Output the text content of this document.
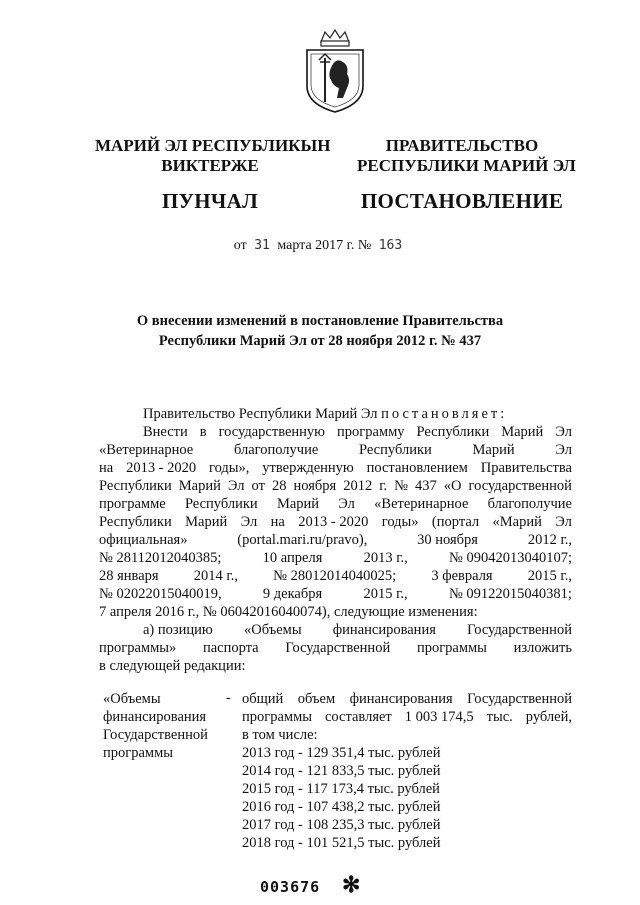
МАРИЙ ЭЛ РЕСПУБЛИКЫН
ВИКТЕРЖЕ
ПУНЧАЛ
ПРАВИТЕЛЬСТВО
РЕСПУБЛИКИ МАРИЙ ЭЛ
ПОСТАНОВЛЕНИЕ
от 31 марта 2017 г. № 163
О внесении изменений в постановление Правительства
Республики Марий Эл от 28 ноября 2012 г. № 437
Правительство Республики Марий Эл постановляет:
Внести в государственную программу Республики Марий Эл
«Ветеринарное	благополучие	Республики	Марий	Эл
на 2013 - 2020 годы», утвержденную постановлением Правительства
Республики Марий Эл от 28 ноября 2012 г. № 437 «О государственной
программе Республики Марий Эл «Ветеринарное благополучие
Республики Марий Эл на 2013 - 2020 годы» (портал «Марий Эл
официальная»	(portal.mari.ru/pravo),	30 ноября	2012 г.,
№ 28112012040385;	10 апреля	2013 г.,	№ 09042013040107;
28 января 2014 г., № 28012014040025; 3 февраля 2015 г.,
№ 02022015040019,	9 декабря	2015 г.,	№ 09122015040381;
7 апреля 2016 г., № 06042016040074), следующие изменения:
а) позицию «Объемы финансирования Государственной
программы» паспорта Государственной программы изложить
в следующей редакции:
«Объемы
финансирования
Государственной
программы
- общий объем финансирования Государственной
программы составляет 1 003 174,5 тыс. рублей,
в том числе:
2013 год - 129 351,4 тыс. рублей
2014 год - 121 833,5 тыс. рублей
2015 год - 117 173,4 тыс. рублей
2016 год - 107 438,2 тыс. рублей
2017 год - 108 235,3 тыс. рублей
2018 год - 101 521,5 тыс. рублей
003676 ✻
